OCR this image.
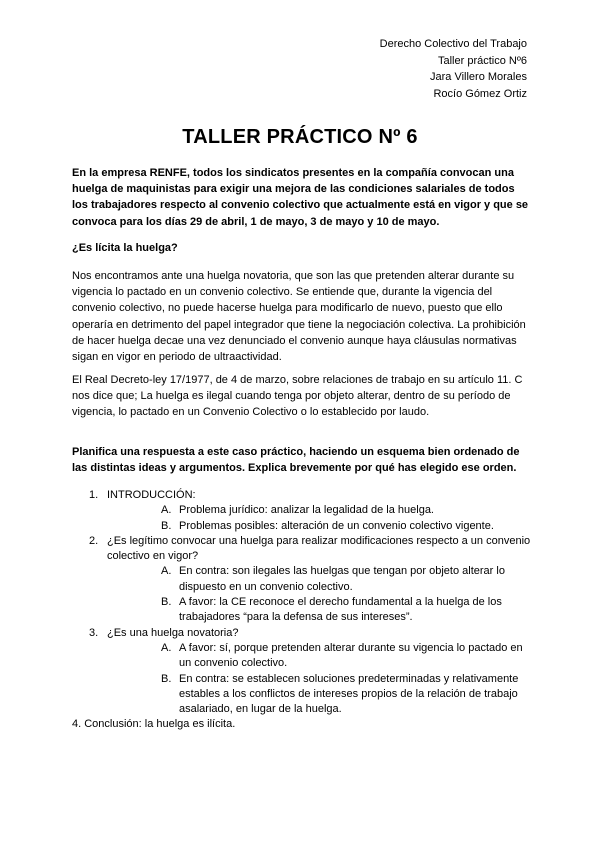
Derecho Colectivo del Trabajo
Taller práctico Nº6
Jara Villero Morales
Rocío Gómez Ortiz
TALLER PRÁCTICO Nº 6

En la empresa RENFE, todos los sindicatos presentes en la compañía convocan una huelga de maquinistas para exigir una mejora de las condiciones salariales de todos los trabajadores respecto al convenio colectivo que actualmente está en vigor y que se convoca para los días 29 de abril, 1 de mayo, 3 de mayo y 10 de mayo.

¿Es lícita la huelga?

Nos encontramos ante una huelga novatoria, que son las que pretenden alterar durante su vigencia lo pactado en un convenio colectivo. Se entiende que, durante la vigencia del convenio colectivo, no puede hacerse huelga para modificarlo de nuevo, puesto que ello operaría en detrimento del papel integrador que tiene la negociación colectiva. La prohibición de hacer huelga decae una vez denunciado el convenio aunque haya cláusulas normativas sigan en vigor en periodo de ultraactividad.

El Real Decreto-ley 17/1977, de 4 de marzo, sobre relaciones de trabajo en su artículo 11. C nos dice que; La huelga es ilegal cuando tenga por objeto alterar, dentro de su período de vigencia, lo pactado en un Convenio Colectivo o lo establecido por laudo.

Planifica una respuesta a este caso práctico, haciendo un esquema bien ordenado de las distintas ideas y argumentos. Explica brevemente por qué has elegido ese orden.

1. INTRODUCCIÓN:
A. Problema jurídico: analizar la legalidad de la huelga.
B. Problemas posibles: alteración de un convenio colectivo vigente.
2. ¿Es legítimo convocar una huelga para realizar modificaciones respecto a un convenio colectivo en vigor?
A. En contra: son ilegales las huelgas que tengan por objeto alterar lo dispuesto en un convenio colectivo.
B. A favor: la CE reconoce el derecho fundamental a la huelga de los trabajadores “para la defensa de sus intereses”.
3. ¿Es una huelga novatoria?
A. A favor: sí, porque pretenden alterar durante su vigencia lo pactado en un convenio colectivo.
B. En contra: se establecen soluciones predeterminadas y relativamente estables a los conflictos de intereses propios de la relación de trabajo asalariado, en lugar de la huelga.
4. Conclusión: la huelga es ilícita.
